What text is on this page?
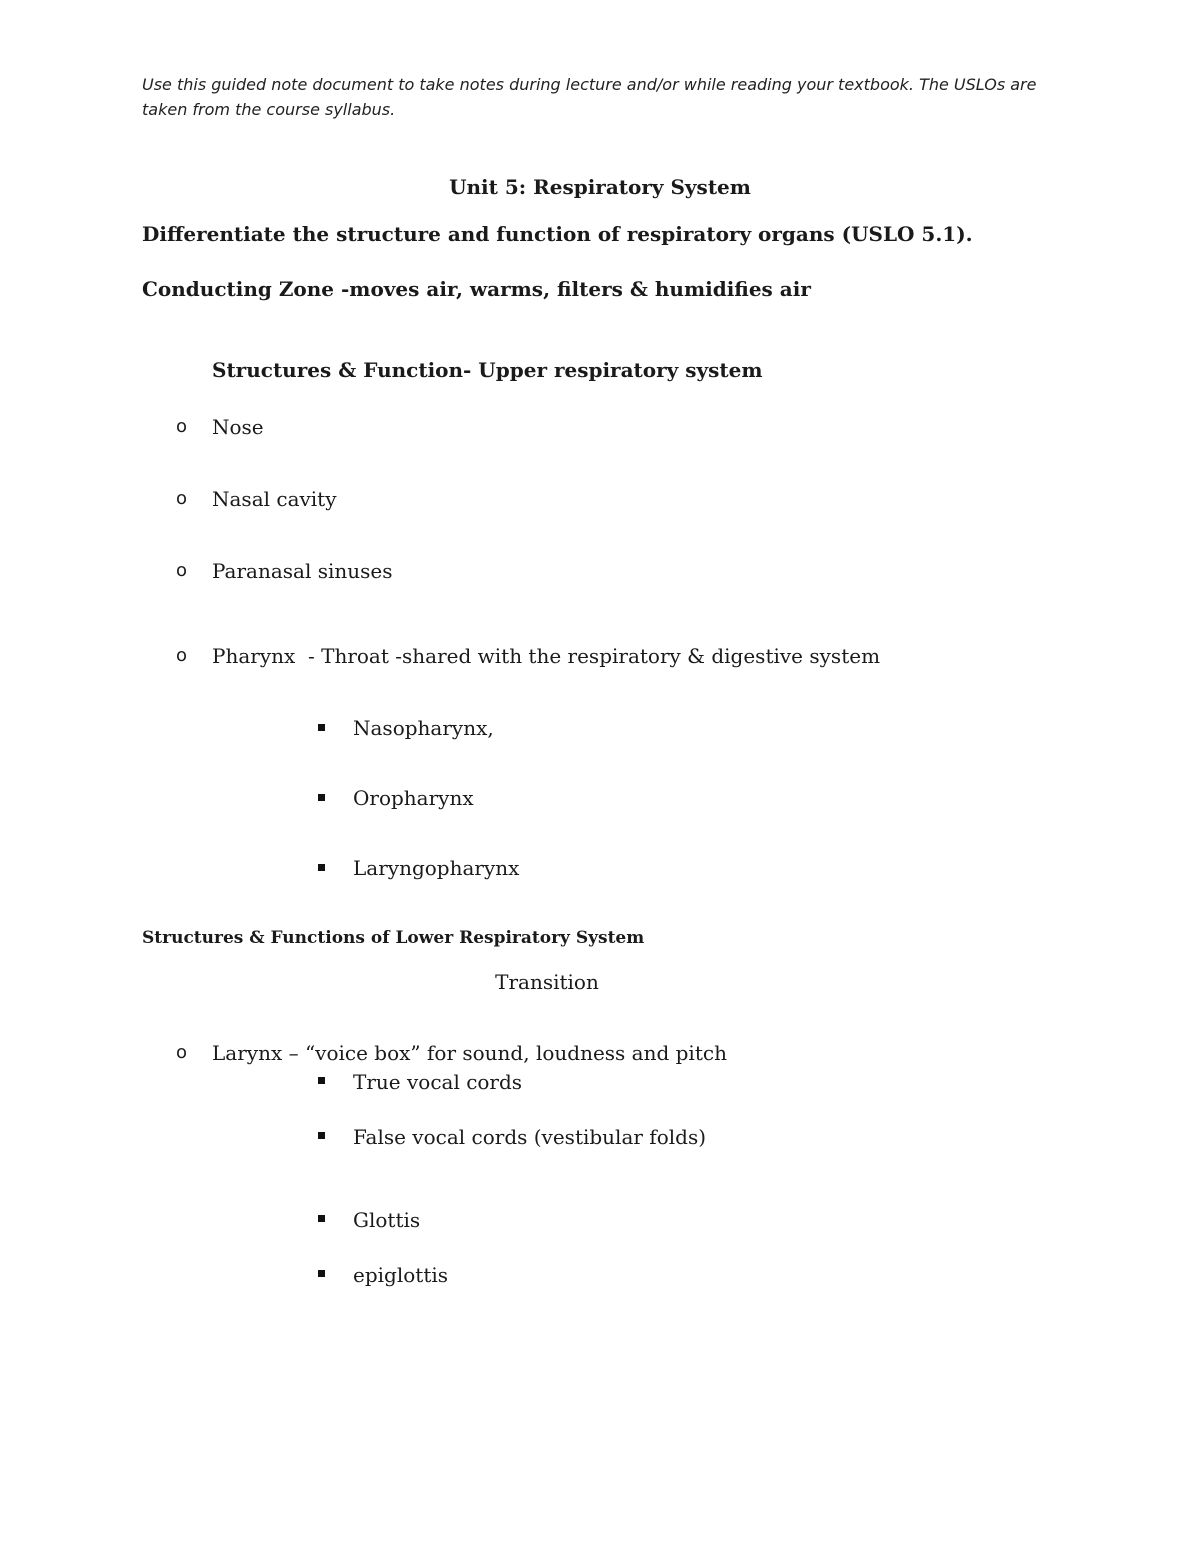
Use this guided note document to take notes during lecture and/or while reading your textbook. The USLOs are taken from the course syllabus.
Unit 5: Respiratory System
Differentiate the structure and function of respiratory organs (USLO 5.1).
Conducting Zone -moves air, warms, filters & humidifies air
Structures & Function- Upper respiratory system
o Nose
o Nasal cavity
o Paranasal sinuses
o Pharynx  - Throat -shared with the respiratory & digestive system
Nasopharynx,
Oropharynx
Laryngopharynx
Structures & Functions of Lower Respiratory System
Transition
o Larynx – “voice box” for sound, loudness and pitch
True vocal cords
False vocal cords (vestibular folds)
Glottis
epiglottis
